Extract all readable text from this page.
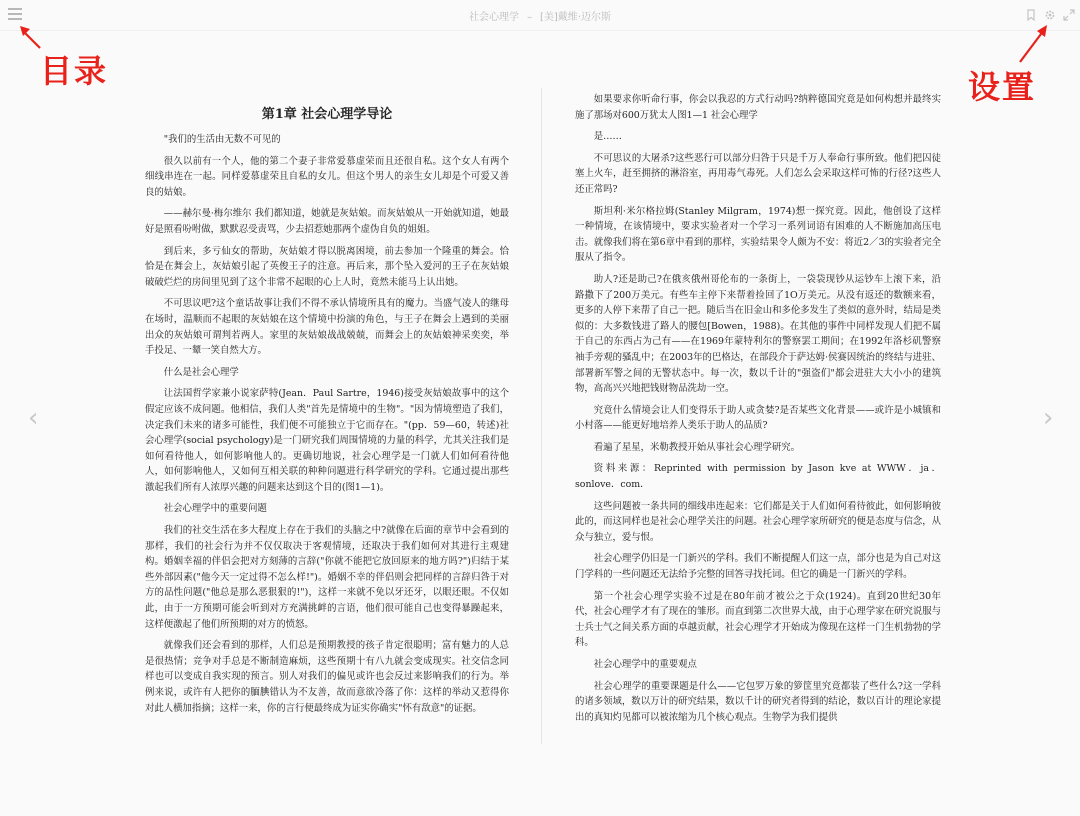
社会心理学 – [美]戴维·迈尔斯
目录	设置
‹	›
第1章 社会心理学导论

"我们的生活由无数不可见的

很久以前有一个人，他的第二个妻子非常爱慕虚荣而且还很自私。这个女人有两个细线串连在一起。同样爱慕虚荣且自私的女儿。但这个男人的亲生女儿却是个可爱又善良的姑娘。

——赫尔曼·梅尔维尔 我们都知道，她就是灰姑娘。而灰姑娘从一开始就知道，她最好是照看吩咐做，默默忍受责骂，少去招惹她那两个虚伪自负的姐姐。

到后来，多亏仙女的帮助，灰姑娘才得以脱离困境，前去参加一个隆重的舞会。恰恰是在舞会上，灰姑娘引起了英俊王子的注意。再后来，那个坠入爱河的王子在灰姑娘破破烂烂的房间里见到了这个非常不起眼的心上人时，竟然未能马上认出她。

不可思议吧?这个童话故事让我们不得不承认情境所具有的魔力。当盛气凌人的继母在场时，温顺而不起眼的灰姑娘在这个情境中扮演的角色，与王子在舞会上遇到的美丽出众的灰姑娘可谓判若两人。家里的灰姑娘战战兢兢，而舞会上的灰姑娘神采奕奕，举手投足、一颦一笑自然大方。

什么是社会心理学

让法国哲学家兼小说家萨特(Jean．Paul Sartre，1946)接受灰姑娘故事中的这个假定应该不成问题。他相信，我们人类"首先是情境中的生物"。"因为情境塑造了我们，决定我们未来的诸多可能性，我们便不可能独立于它而存在。"(pp．59—60，转述)社会心理学(social psychology)是一门研究我们周围情境的力量的科学，尤其关注我们是如何看待他人，如何影响他人的。更确切地说，社会心理学是一门就人们如何看待他人，如何影响他人，又如何互相关联的种种问题进行科学研究的学科。它通过提出那些激起我们所有人浓厚兴趣的问题来达到这个目的(图1—1)。

社会心理学中的重要问题

我们的社交生活在多大程度上存在于我们的头脑之中?就像在后面的章节中会看到的那样，我们的社会行为并不仅仅取决于客观情境，还取决于我们如何对其进行主观建构。婚姻幸福的伴侣会把对方刻薄的言辞("你就不能把它放回原来的地方吗?")归结于某些外部因素("他今天一定过得不怎么样!")。婚姻不幸的伴侣则会把同样的言辞归咎于对方的品性问题("他总是那么恶狠狠的!")，这样一来就不免以牙还牙，以眼还眼。不仅如此，由于一方预期可能会听到对方充满挑衅的言语，他们很可能自己也变得暴躁起来，这样便激起了他们所预期的对方的愤怒。

就像我们还会看到的那样，人们总是预期教授的孩子肯定很聪明；富有魅力的人总是很热情；竞争对手总是不断制造麻烦，这些预期十有八九就会变成现实。社交信念同样也可以变成自我实现的预言。别人对我们的偏见或许也会反过来影响我们的行为。举例来说，或许有人把你的腼腆错认为不友善，故而意欲冷落了你：这样的举动又惹得你对此人横加指摘；这样一来，你的言行便最终成为证实你确实"怀有敌意"的证据。

如果要求你听命行事，你会以我忍的方式行动吗?纳粹德国究竟是如何构想并最终实施了那场对600万犹太人图1—1 社会心理学

是……

不可思议的大屠杀?这些恶行可以部分归咎于只是千万人奉命行事所致。他们把囚徒塞上火车，赶至拥挤的淋浴室，再用毒气毒死。人们怎么会采取这样可怖的行径?这些人还正常吗?

斯坦利·米尔格拉姆(Stanley Milgram，1974)想一探究竟。因此，他创设了这样一种情境，在该情境中，要求实验者对一个学习一系列词语有困难的人不断施加高压电击。就像我们将在第6章中看到的那样，实验结果令人颇为不安：将近2／3的实验者完全服从了指令。

助人?还是助己?在俄亥俄州哥伦布的一条街上，一袋袋现钞从运钞车上滚下来，沿路撒下了200万美元。有些车主停下来帮着捡回了1O万美元。从没有返还的数额来看，更多的人停下来帮了自己一把。随后当在旧金山和多伦多发生了类似的意外时，结局是类似的：大多数钱进了路人的腰包[Bowen，1988)。在其他的事件中同样发现人们把不属于自己的东西占为己有——在1969年蒙特利尔的警察罢工期间；在1992年洛杉矶警察袖手旁观的骚乱中；在2003年的巴格达，在部段介于萨达姆·侯赛因统治的终结与进驻、部署新军警之间的无警状态中。每一次，数以千计的"强盗们"都会进驻大大小小的建筑物，高高兴兴地把钱财物品洗劫一空。

究竟什么情境会让人们变得乐于助人或贪婪?是否某些文化背景——或许是小城镇和小村落——能更好地培养人类乐于助人的品质?

看遍了星星，米勒教授开始从事社会心理学研究。

资料来源：Reprinted with permission by Jason kve at WWW．ja．sonlove．com．

这些问题被一条共同的细线串连起来：它们都是关于人们如何看待彼此，如何影响彼此的，而这同样也是社会心理学关注的问题。社会心理学家所研究的便是态度与信念，从众与独立，爱与恨。

社会心理学仍旧是一门新兴的学科。我们不断提醒人们这一点，部分也是为自己对这门学科的一些问题还无法给予完整的回答寻找托词。但它的确是一门新兴的学科。

第一个社会心理学实验不过是在80年前才被公之于众(1924)。直到20世纪30年代，社会心理学才有了现在的雏形。而直到第二次世界大战，由于心理学家在研究说服与士兵士气之间关系方面的卓越贡献，社会心理学才开始成为像现在这样一门生机勃勃的学科。

社会心理学中的重要观点

社会心理学的重要课题是什么——它包罗万象的箩筐里究竟都装了些什么?这一学科的诸多领域，数以万计的研究结果，数以千计的研究者得到的结论，数以百计的理论家提出的真知灼见都可以被浓缩为几个核心观点。生物学为我们提供
